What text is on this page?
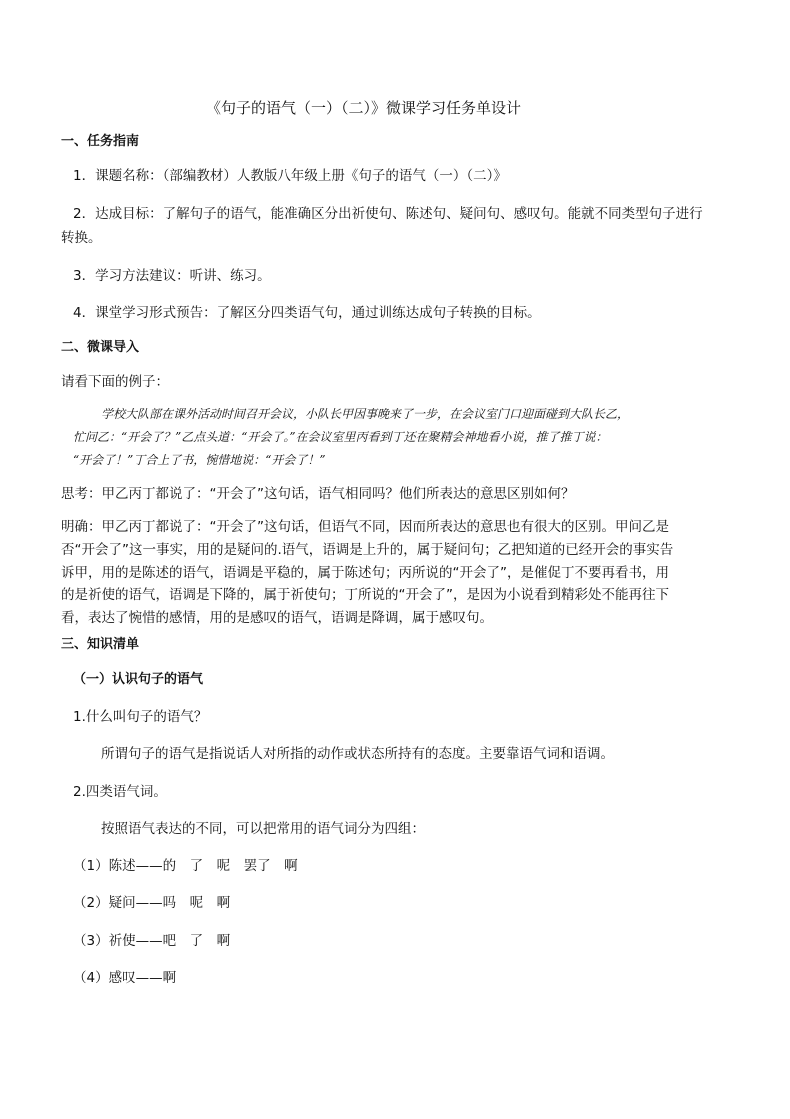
《句子的语气（一）（二）》微课学习任务单设计

一、任务指南

1．课题名称：（部编教材）人教版八年级上册《句子的语气（一）（二）》

2．达成目标：了解句子的语气，能准确区分出祈使句、陈述句、疑问句、感叹句。能就不同类型句子进行

转换。

3．学习方法建议：听讲、练习。

4．课堂学习形式预告：了解区分四类语气句，通过训练达成句子转换的目标。

二、微课导入

请看下面的例子：

学校大队部在课外活动时间召开会议，小队长甲因事晚来了一步，在会议室门口迎面碰到大队长乙，

忙问乙：“开会了？”乙点头道：“开会了。”在会议室里丙看到丁还在聚精会神地看小说，推了推丁说：

“开会了！”丁合上了书，惋惜地说：“开会了！”

思考：甲乙丙丁都说了：“开会了”这句话，语气相同吗？他们所表达的意思区别如何？

明确：甲乙丙丁都说了：“开会了”这句话，但语气不同，因而所表达的意思也有很大的区别。甲问乙是

否“开会了”这一事实，用的是疑问的.语气，语调是上升的，属于疑问句；乙把知道的已经开会的事实告

诉甲，用的是陈述的语气，语调是平稳的，属于陈述句；丙所说的“开会了”，是催促丁不要再看书，用

的是祈使的语气，语调是下降的，属于祈使句；丁所说的“开会了”，是因为小说看到精彩处不能再往下

看，表达了惋惜的感情，用的是感叹的语气，语调是降调，属于感叹句。

三、知识清单

（一）认识句子的语气

1.什么叫句子的语气？

所谓句子的语气是指说话人对所指的动作或状态所持有的态度。主要靠语气词和语调。

2.四类语气词。

按照语气表达的不同，可以把常用的语气词分为四组：

（1）陈述——的　了　呢　罢了　啊

（2）疑问——吗　呢　啊

（3）祈使——吧　了　啊

（4）感叹——啊
